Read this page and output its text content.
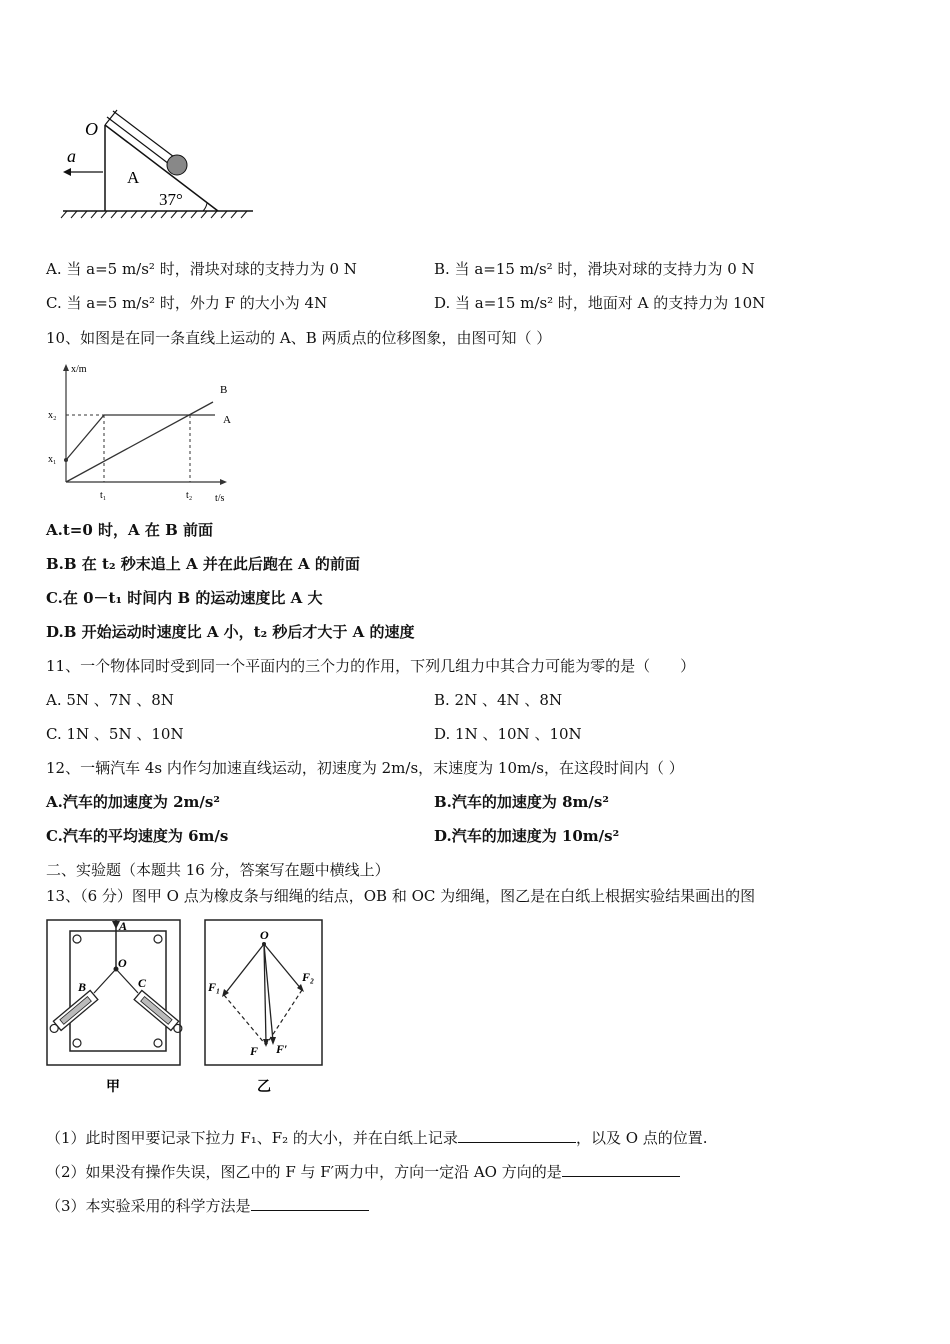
O
a
A
37°
A. 当 a=5 m/s² 时，滑块对球的支持力为 0 N	B. 当 a=15 m/s² 时，滑块对球的支持力为 0 N
C. 当 a=5 m/s² 时，外力 F 的大小为 4N	D. 当 a=15 m/s² 时，地面对 A 的支持力为 10N
10、如图是在同一条直线上运动的 A、B 两质点的位移图象，由图可知（ ）
x/m
t/s
x₂
x₁
t₁	t₂
B
A
A.t=0 时，A 在 B 前面
B.B 在 t₂ 秒末追上 A 并在此后跑在 A 的前面
C.在 0－t₁ 时间内 B 的运动速度比 A 大
D.B 开始运动时速度比 A 小，t₂ 秒后才大于 A 的速度
11、一个物体同时受到同一个平面内的三个力的作用，下列几组力中其合力可能为零的是（　　）
A. 5N 、7N 、8N	B. 2N 、4N 、8N
C. 1N 、5N 、10N	D. 1N 、10N 、10N
12、一辆汽车 4s 内作匀加速直线运动，初速度为 2m/s，末速度为 10m/s，在这段时间内（ ）
A.汽车的加速度为 2m/s²	B.汽车的加速度为 8m/s²
C.汽车的平均速度为 6m/s	D.汽车的加速度为 10m/s²
二、实验题（本题共 16 分，答案写在题中横线上）
13、（6 分）图甲 O 点为橡皮条与细绳的结点，OB 和 OC 为细绳，图乙是在白纸上根据实验结果画出的图
A
O
B	C
甲
O
F₁
F₂
F F′
乙
（1）此时图甲要记录下拉力 F₁、F₂ 的大小，并在白纸上记录	，以及 O 点的位置.
（2）如果没有操作失误，图乙中的 F 与 F′两力中，方向一定沿 AO 方向的是
（3）本实验采用的科学方法是
